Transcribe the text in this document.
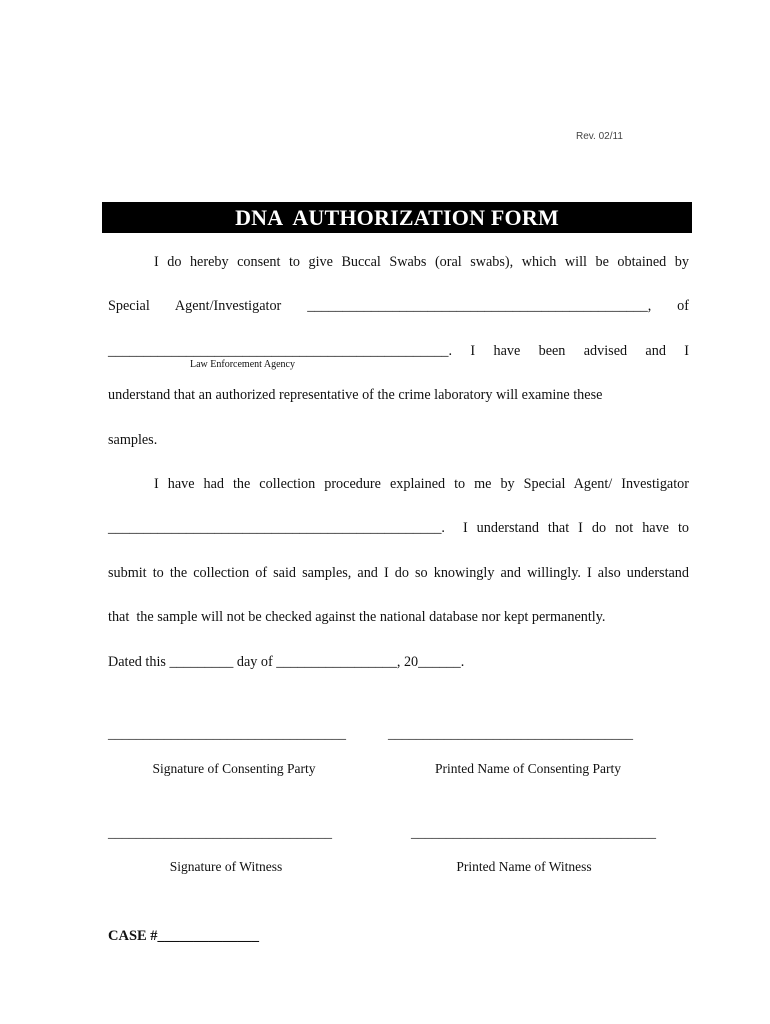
Rev. 02/11
DNA  AUTHORIZATION FORM
I do hereby consent to give Buccal Swabs (oral swabs), which will be obtained by
Special  Agent/Investigator  ________________________________________________,  of
________________________________________________.  I  have  been  advised  and  I
Law Enforcement Agency
understand that an authorized representative of the crime laboratory will examine these
samples.
I have had the collection procedure explained to me by Special Agent/ Investigator
_______________________________________________.  I understand that I do not have to
submit to the collection of said samples, and I do so knowingly and willingly. I also understand
that  the sample will not be checked against the national database nor kept permanently.
Dated this _________ day of _________________, 20______.
__________________________________	___________________________________
Signature of Consenting Party	Printed Name of Consenting Party
________________________________	___________________________________
Signature of Witness	Printed Name of Witness
CASE #______________
